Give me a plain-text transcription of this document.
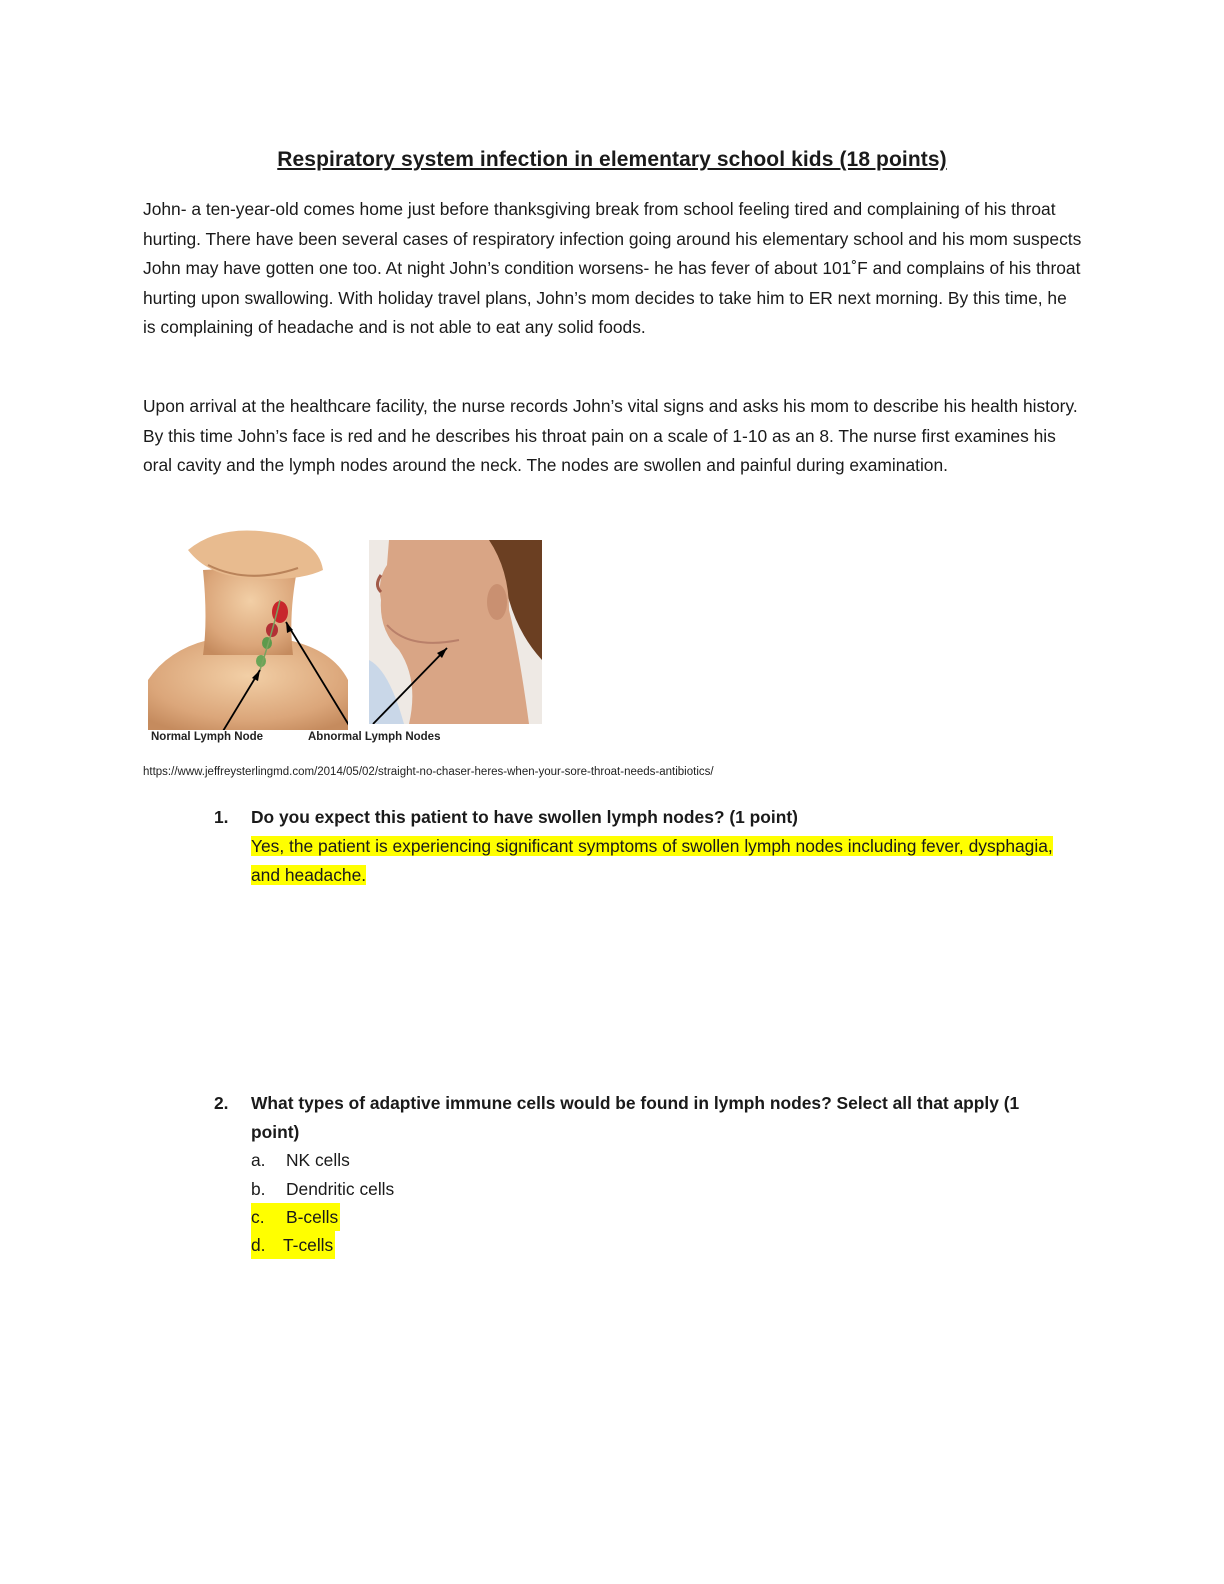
Respiratory system infection in elementary school kids (18 points)

John- a ten-year-old comes home just before thanksgiving break from school feeling tired and complaining of his throat hurting. There have been several cases of respiratory infection going around his elementary school and his mom suspects John may have gotten one too. At night John’s condition worsens- he has fever of about 101˚F and complains of his throat hurting upon swallowing. With holiday travel plans, John’s mom decides to take him to ER next morning. By this time, he is complaining of headache and is not able to eat any solid foods.

Upon arrival at the healthcare facility, the nurse records John’s vital signs and asks his mom to describe his health history. By this time John’s face is red and he describes his throat pain on a scale of 1-10 as an 8. The nurse first examines his oral cavity and the lymph nodes around the neck. The nodes are swollen and painful during examination.

Normal Lymph Node	Abnormal Lymph Nodes
https://www.jeffreysterlingmd.com/2014/05/02/straight-no-chaser-heres-when-your-sore-throat-needs-antibiotics/
1. Do you expect this patient to have swollen lymph nodes? (1 point)
Yes, the patient is experiencing significant symptoms of swollen lymph nodes including fever, dysphagia, and headache.
2. What types of adaptive immune cells would be found in lymph nodes? Select all that apply (1 point)
a. NK cells
b. Dendritic cells
c. B-cells
d. T-cells
